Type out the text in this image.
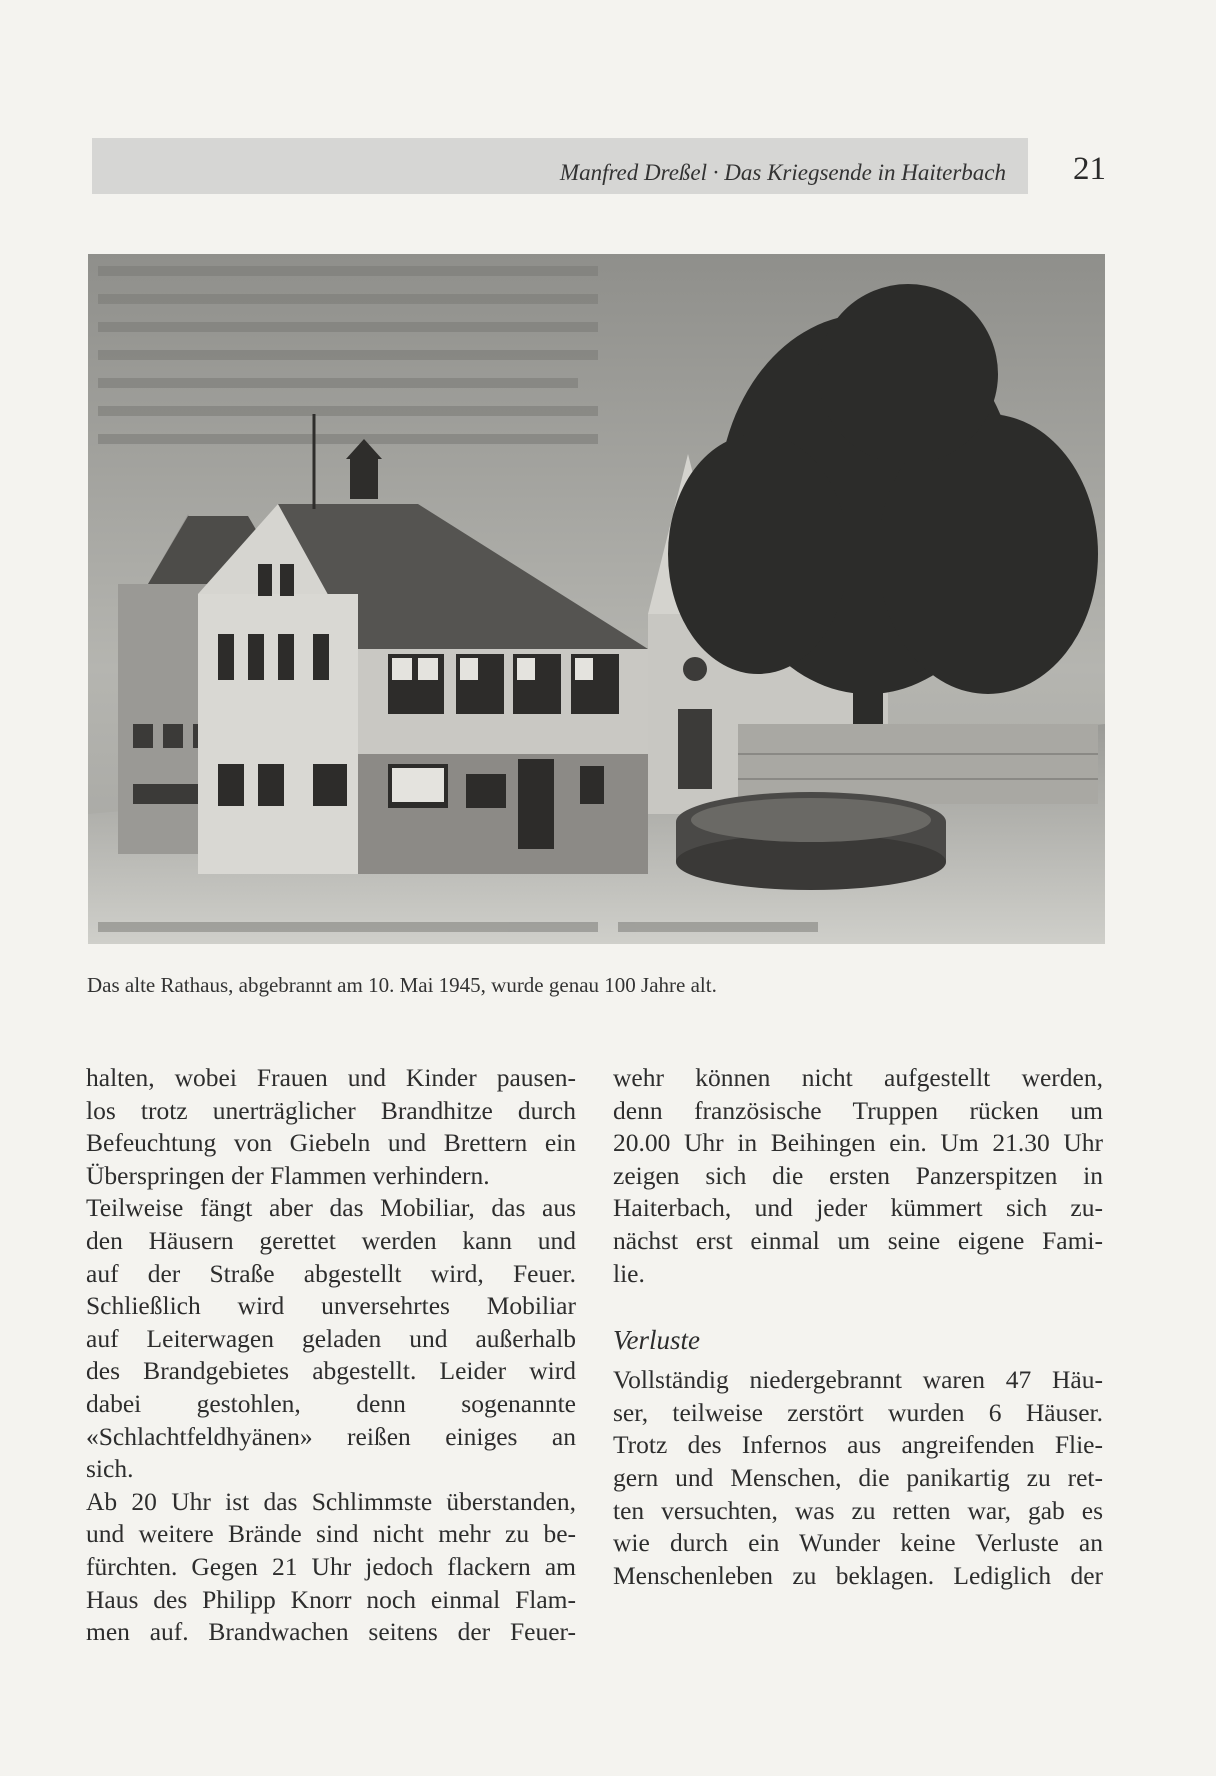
Manfred Dreßel · Das Kriegsende in Haiterbach 21
Das alte Rathaus, abgebrannt am 10. Mai 1945, wurde genau 100 Jahre alt.
halten, wobei Frauen und Kinder pausen-
los trotz unerträglicher Brandhitze durch
Befeuchtung von Giebeln und Brettern ein
Überspringen der Flammen verhindern.
Teilweise fängt aber das Mobiliar, das aus
den Häusern gerettet werden kann und
auf der Straße abgestellt wird, Feuer.
Schließlich wird unversehrtes Mobiliar
auf Leiterwagen geladen und außerhalb
des Brandgebietes abgestellt. Leider wird
dabei gestohlen, denn sogenannte
«Schlachtfeldhyänen» reißen einiges an
sich.
Ab 20 Uhr ist das Schlimmste überstanden,
und weitere Brände sind nicht mehr zu be-
fürchten. Gegen 21 Uhr jedoch flackern am
Haus des Philipp Knorr noch einmal Flam-
men auf. Brandwachen seitens der Feuer-
wehr können nicht aufgestellt werden,
denn französische Truppen rücken um
20.00 Uhr in Beihingen ein. Um 21.30 Uhr
zeigen sich die ersten Panzerspitzen in
Haiterbach, und jeder kümmert sich zu-
nächst erst einmal um seine eigene Fami-
lie.
Verluste
Vollständig niedergebrannt waren 47 Häu-
ser, teilweise zerstört wurden 6 Häuser.
Trotz des Infernos aus angreifenden Flie-
gern und Menschen, die panikartig zu ret-
ten versuchten, was zu retten war, gab es
wie durch ein Wunder keine Verluste an
Menschenleben zu beklagen. Lediglich der
